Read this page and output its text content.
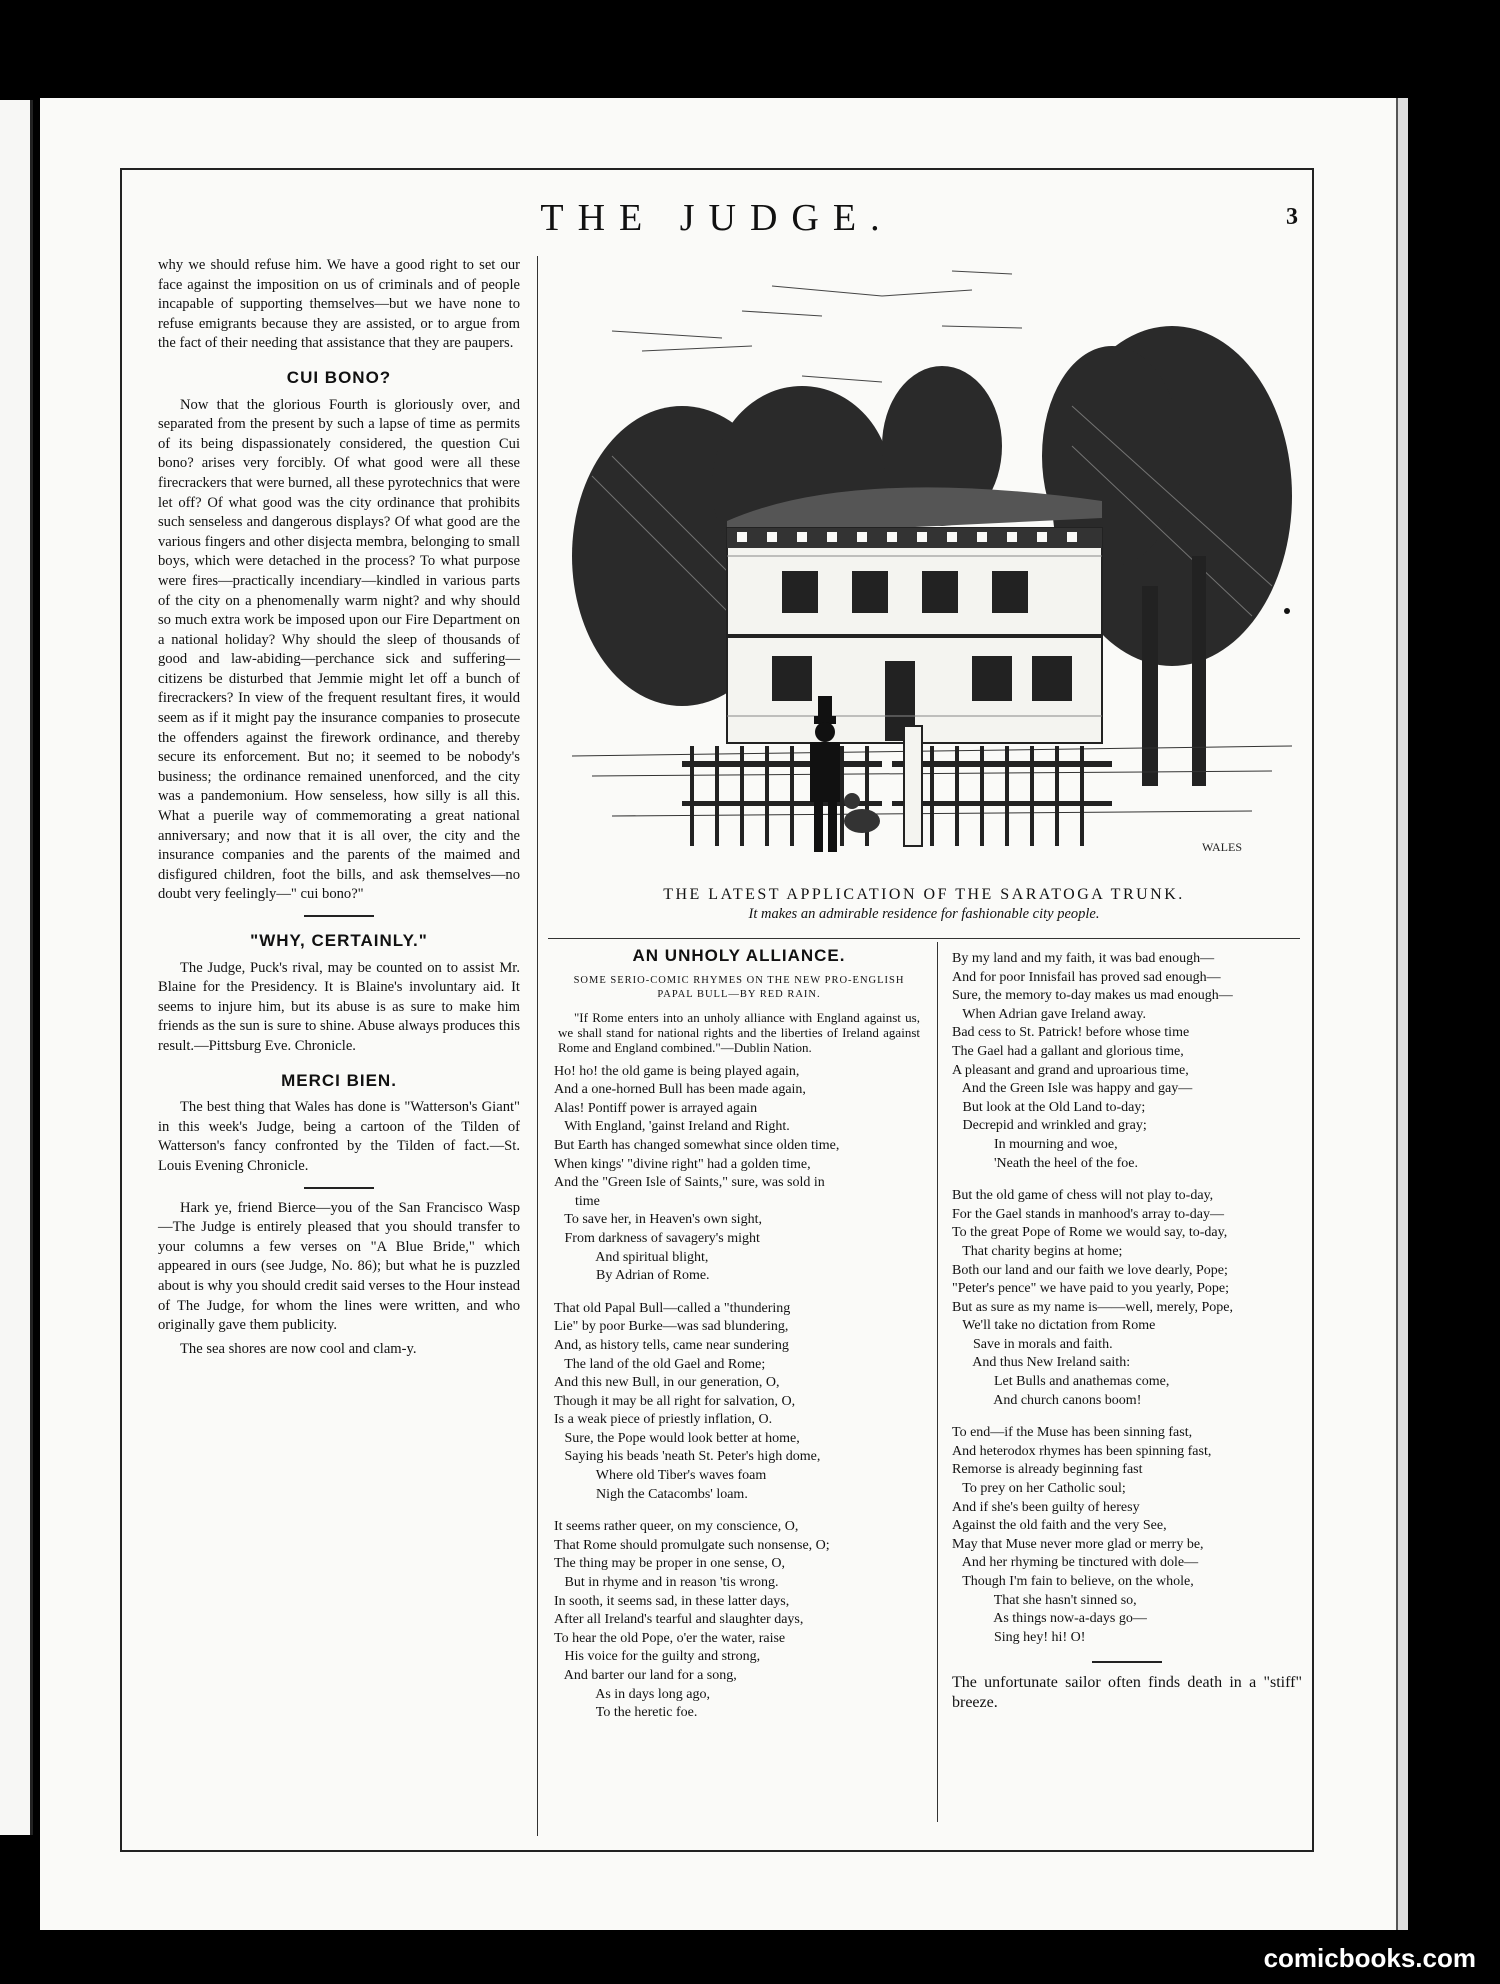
THE JUDGE.	3

why we should refuse him. We have a good right to set our face against the imposition on us of criminals and of people incapable of supporting themselves—but we have none to refuse emigrants because they are assisted, or to argue from the fact of their needing that assistance that they are paupers.

CUI BONO?

Now that the glorious Fourth is gloriously over, and separated from the present by such a lapse of time as permits of its being dispassionately considered, the question Cui bono? arises very forcibly. Of what good were all these firecrackers that were burned, all these pyrotechnics that were let off? Of what good was the city ordinance that prohibits such senseless and dangerous displays? Of what good are the various fingers and other disjecta membra, belonging to small boys, which were detached in the process? To what purpose were fires—practically incendiary—kindled in various parts of the city on a phenomenally warm night? and why should so much extra work be imposed upon our Fire Department on a national holiday? Why should the sleep of thousands of good and law-abiding—perchance sick and suffering—citizens be disturbed that Jemmie might let off a bunch of firecrackers? In view of the frequent resultant fires, it would seem as if it might pay the insurance companies to prosecute the offenders against the firework ordinance, and thereby secure its enforcement. But no; it seemed to be nobody's business; the ordinance remained unenforced, and the city was a pandemonium. How senseless, how silly is all this. What a puerile way of commemorating a great national anniversary; and now that it is all over, the city and the insurance companies and the parents of the maimed and disfigured children, foot the bills, and ask themselves—no doubt very feelingly—" cui bono?"

"WHY, CERTAINLY."

The Judge, Puck's rival, may be counted on to assist Mr. Blaine for the Presidency. It is Blaine's involuntary aid. It seems to injure him, but its abuse is as sure to make him friends as the sun is sure to shine. Abuse always produces this result.—Pittsburg Eve. Chronicle.

MERCI BIEN.

The best thing that Wales has done is "Watterson's Giant" in this week's Judge, being a cartoon of the Tilden of Watterson's fancy confronted by the Tilden of fact.—St. Louis Evening Chronicle.

Hark ye, friend Bierce—you of the San Francisco Wasp—The Judge is entirely pleased that you should transfer to your columns a few verses on "A Blue Bride," which appeared in ours (see Judge, No. 86); but what he is puzzled about is why you should credit said verses to the Hour instead of The Judge, for whom the lines were written, and who originally gave them publicity.

The sea shores are now cool and clam-y.

WALES
THE LATEST APPLICATION OF THE SARATOGA TRUNK.
It makes an admirable residence for fashionable city people.
AN UNHOLY ALLIANCE.
SOME SERIO-COMIC RHYMES ON THE NEW PRO-ENGLISH PAPAL BULL—BY RED RAIN.
"If Rome enters into an unholy alliance with England against us, we shall stand for national rights and the liberties of Ireland against Rome and England combined."—Dublin Nation.
Ho! ho! the old game is being played again,
And a one-horned Bull has been made again,
Alas! Pontiff power is arrayed again
With England, 'gainst Ireland and Right.
But Earth has changed somewhat since olden time,
When kings' "divine right" had a golden time,
And the "Green Isle of Saints," sure, was sold in
time
To save her, in Heaven's own sight,
From darkness of savagery's might
And spiritual blight,
By Adrian of Rome.
That old Papal Bull—called a "thundering
Lie" by poor Burke—was sad blundering,
And, as history tells, came near sundering
The land of the old Gael and Rome;
And this new Bull, in our generation, O,
Though it may be all right for salvation, O,
Is a weak piece of priestly inflation, O.
Sure, the Pope would look better at home,
Saying his beads 'neath St. Peter's high dome,
Where old Tiber's waves foam
Nigh the Catacombs' loam.
It seems rather queer, on my conscience, O,
That Rome should promulgate such nonsense, O;
The thing may be proper in one sense, O,
But in rhyme and in reason 'tis wrong.
In sooth, it seems sad, in these latter days,
After all Ireland's tearful and slaughter days,
To hear the old Pope, o'er the water, raise
His voice for the guilty and strong,
And barter our land for a song,
As in days long ago,
To the heretic foe.
By my land and my faith, it was bad enough—
And for poor Innisfail has proved sad enough—
Sure, the memory to-day makes us mad enough—
When Adrian gave Ireland away.
Bad cess to St. Patrick! before whose time
The Gael had a gallant and glorious time,
A pleasant and grand and uproarious time,
And the Green Isle was happy and gay—
But look at the Old Land to-day;
Decrepid and wrinkled and gray;
In mourning and woe,
'Neath the heel of the foe.
But the old game of chess will not play to-day,
For the Gael stands in manhood's array to-day—
To the great Pope of Rome we would say, to-day,
That charity begins at home;
Both our land and our faith we love dearly, Pope;
"Peter's pence" we have paid to you yearly, Pope;
But as sure as my name is——well, merely, Pope,
We'll take no dictation from Rome
Save in morals and faith.
And thus New Ireland saith:
Let Bulls and anathemas come,
And church canons boom!
To end—if the Muse has been sinning fast,
And heterodox rhymes has been spinning fast,
Remorse is already beginning fast
To prey on her Catholic soul;
And if she's been guilty of heresy
Against the old faith and the very See,
May that Muse never more glad or merry be,
And her rhyming be tinctured with dole—
Though I'm fain to believe, on the whole,
That she hasn't sinned so,
As things now-a-days go—
Sing hey! hi! O!

The unfortunate sailor often finds death in a "stiff" breeze.

comicbooks.com
